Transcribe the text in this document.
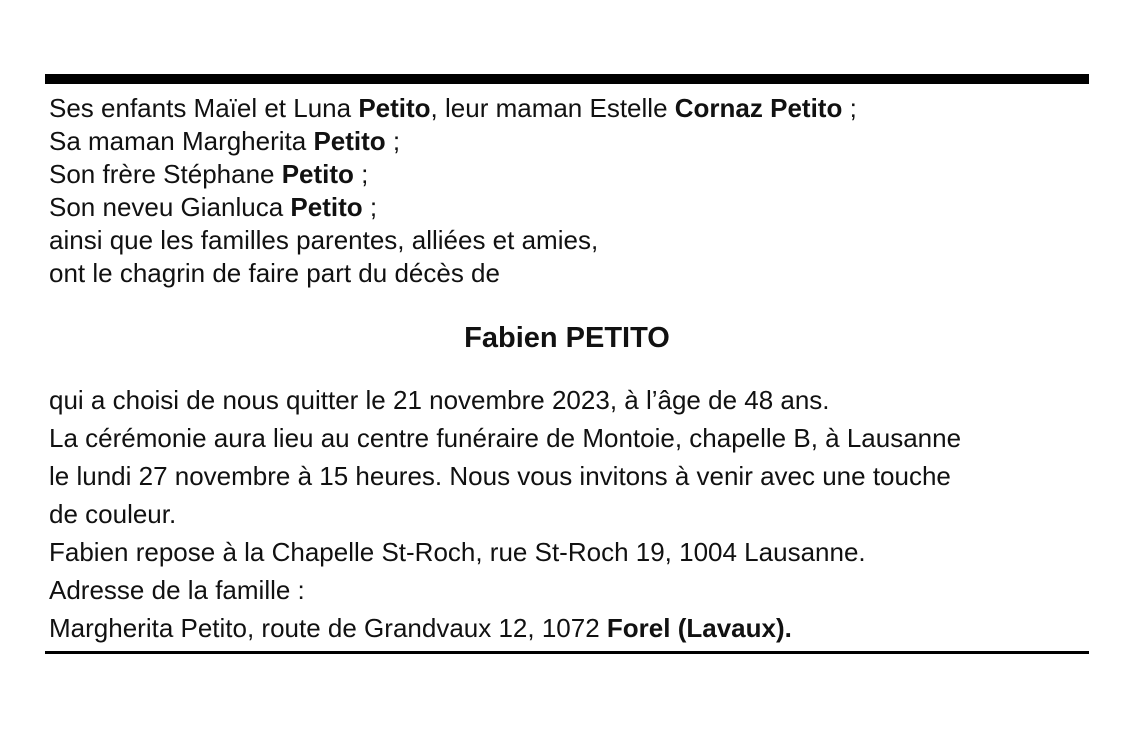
Ses enfants Maïel et Luna Petito, leur maman Estelle Cornaz Petito ;
Sa maman Margherita Petito ;
Son frère Stéphane Petito ;
Son neveu Gianluca Petito ;
ainsi que les familles parentes, alliées et amies,
ont le chagrin de faire part du décès de
Fabien PETITO
qui a choisi de nous quitter le 21 novembre 2023, à l’âge de 48 ans.
La cérémonie aura lieu au centre funéraire de Montoie, chapelle B, à Lausanne
le lundi 27 novembre à 15 heures. Nous vous invitons à venir avec une touche
de couleur.
Fabien repose à la Chapelle St-Roch, rue St-Roch 19, 1004 Lausanne.
Adresse de la famille :
Margherita Petito, route de Grandvaux 12, 1072 Forel (Lavaux).
